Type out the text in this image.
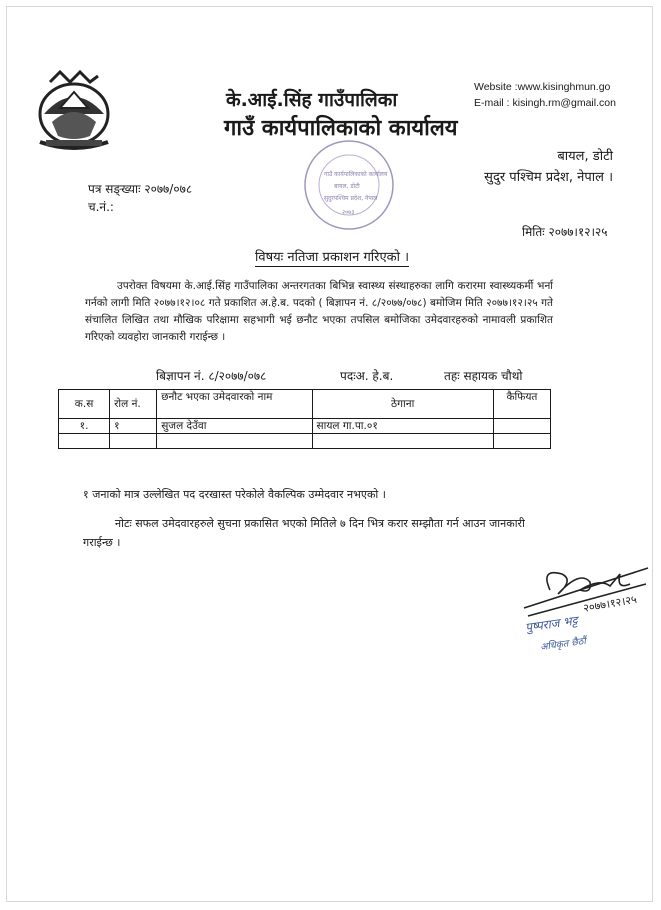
के.आई.सिंह गाउँपालिका
गाउँ कार्यपालिकाको कार्यालय
Website :www.kisinghmun.go
E-mail : kisingh.rm@gmail.con
बायल, डोटी
सुदुर पश्चिम प्रदेश, नेपाल ।
पत्र सङ्ख्याः २०७७/०७८
च.नं.:
गाउँ कार्यपालिकाको कार्यालय
बायल, डोटी
सुदुरपश्चिम प्रदेश, नेपाल
२०७३
मितिः २०७७।१२।२५
विषयः नतिजा प्रकाशन गरिएको ।
उपरोक्त विषयमा के.आई.सिंह गाउँपालिका अन्तरगतका बिभिन्न स्वास्थ्य संस्थाहरुका लागि करारमा स्वास्थ्यकर्मी भर्ना गर्नको लागी मिति २०७७।१२।०८ गते प्रकाशित अ.हे.ब. पदको ( बिज्ञापन नं. ८/२०७७/०७८) बमोजिम मिति २०७७।१२।२५ गते संचालित लिखित तथा मौखिक परिक्षामा सहभागी भई छनौट भएका तपसिल बमोजिका उमेदवारहरुको नामावली प्रकाशित गरिएको व्यवहोरा जानकारी गराईन्छ ।
बिज्ञापन नं. ८/२०७७/०७८	पदःअ. हे.ब.	तहः सहायक चौथो
क.स	रोल नं.	छनौट भएका उमेदवारको नाम	ठेगाना	कैफियत
१.	१	सुजल देउँवा	सायल गा.पा.०१	

१ जनाको मात्र उल्लेखित पद दरखास्त परेकोले वैकल्पिक उम्मेदवार नभएको ।
नोटः सफल उमेदवारहरुले सुचना प्रकासित भएको मितिले ७ दिन भित्र करार सम्झौता गर्न आउन जानकारी गराईन्छ ।
२०७७।१२।२५
पुष्पराज भट्ट
अधिकृत छैठौं
